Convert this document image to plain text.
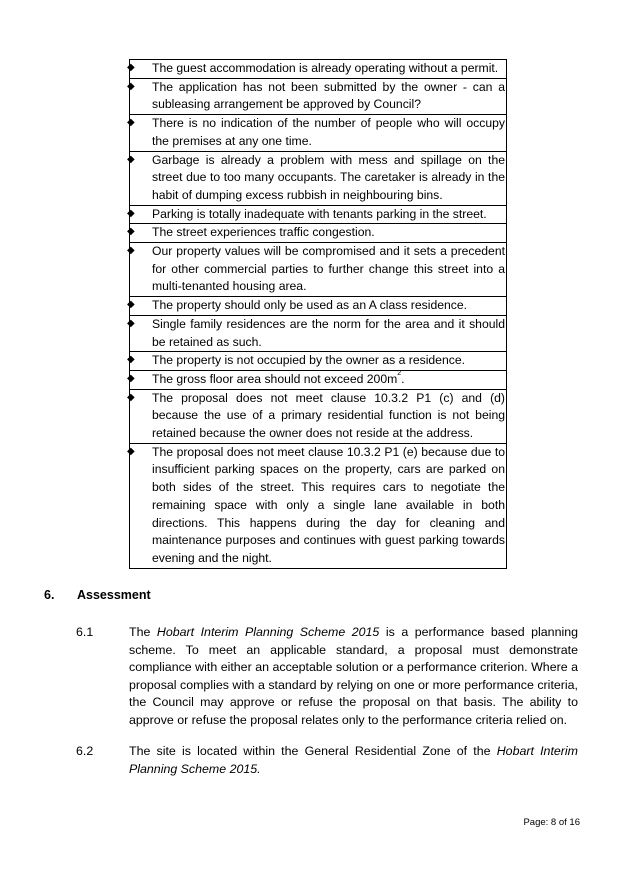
◆ The guest accommodation is already operating without a permit.

◆ The application has not been submitted by the owner - can a subleasing arrangement be approved by Council?

◆ There is no indication of the number of people who will occupy the premises at any one time.

◆ Garbage is already a problem with mess and spillage on the street due to too many occupants. The caretaker is already in the habit of dumping excess rubbish in neighbouring bins.

◆ Parking is totally inadequate with tenants parking in the street.

◆ The street experiences traffic congestion.

◆ Our property values will be compromised and it sets a precedent for other commercial parties to further change this street into a multi-tenanted housing area.

◆ The property should only be used as an A class residence.

◆ Single family residences are the norm for the area and it should be retained as such.

◆ The property is not occupied by the owner as a residence.

◆ The gross floor area should not exceed $200m^2$.

◆ The proposal does not meet clause 10.3.2 P1 (c) and (d) because the use of a primary residential function is not being retained because the owner does not reside at the address.

◆ The proposal does not meet clause 10.3.2 P1 (e) because due to insufficient parking spaces on the property, cars are parked on both sides of the street. This requires cars to negotiate the remaining space with only a single lane available in both directions. This happens during the day for cleaning and maintenance purposes and continues with guest parking towards evening and the night.
6. Assessment
6.1	The Hobart Interim Planning Scheme 2015 is a performance based planning scheme. To meet an applicable standard, a proposal must demonstrate compliance with either an acceptable solution or a performance criterion. Where a proposal complies with a standard by relying on one or more performance criteria, the Council may approve or refuse the proposal on that basis. The ability to approve or refuse the proposal relates only to the performance criteria relied on.
6.2	The site is located within the General Residential Zone of the Hobart Interim Planning Scheme 2015.
Page: 8 of 16
